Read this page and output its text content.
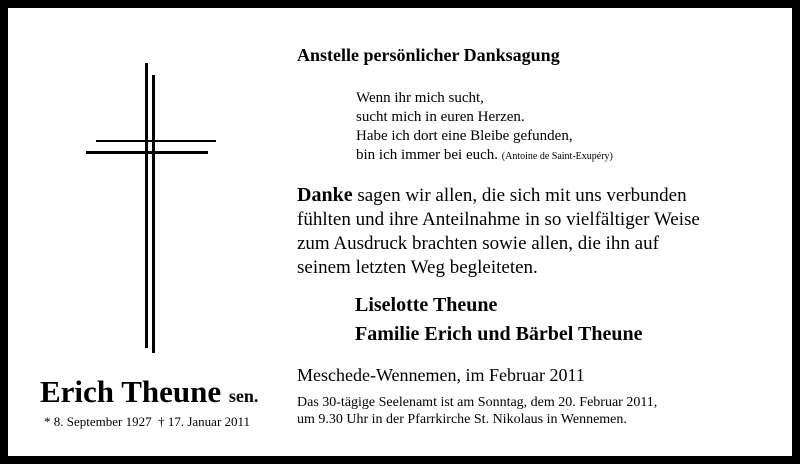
Anstelle persönlicher Danksagung
Wenn ihr mich sucht,
sucht mich in euren Herzen.
Habe ich dort eine Bleibe gefunden,
bin ich immer bei euch. (Antoine de Saint-Exupéry)
Danke sagen wir allen, die sich mit uns verbunden
fühlten und ihre Anteilnahme in so vielfältiger Weise
zum Ausdruck brachten sowie allen, die ihn auf
seinem letzten Weg begleiteten.
Liselotte Theune
Familie Erich und Bärbel Theune
Meschede-Wennemen, im Februar 2011
Das 30-tägige Seelenamt ist am Sonntag, dem 20. Februar 2011,
um 9.30 Uhr in der Pfarrkirche St. Nikolaus in Wennemen.
Erich Theune sen.
* 8. September 1927 † 17. Januar 2011
